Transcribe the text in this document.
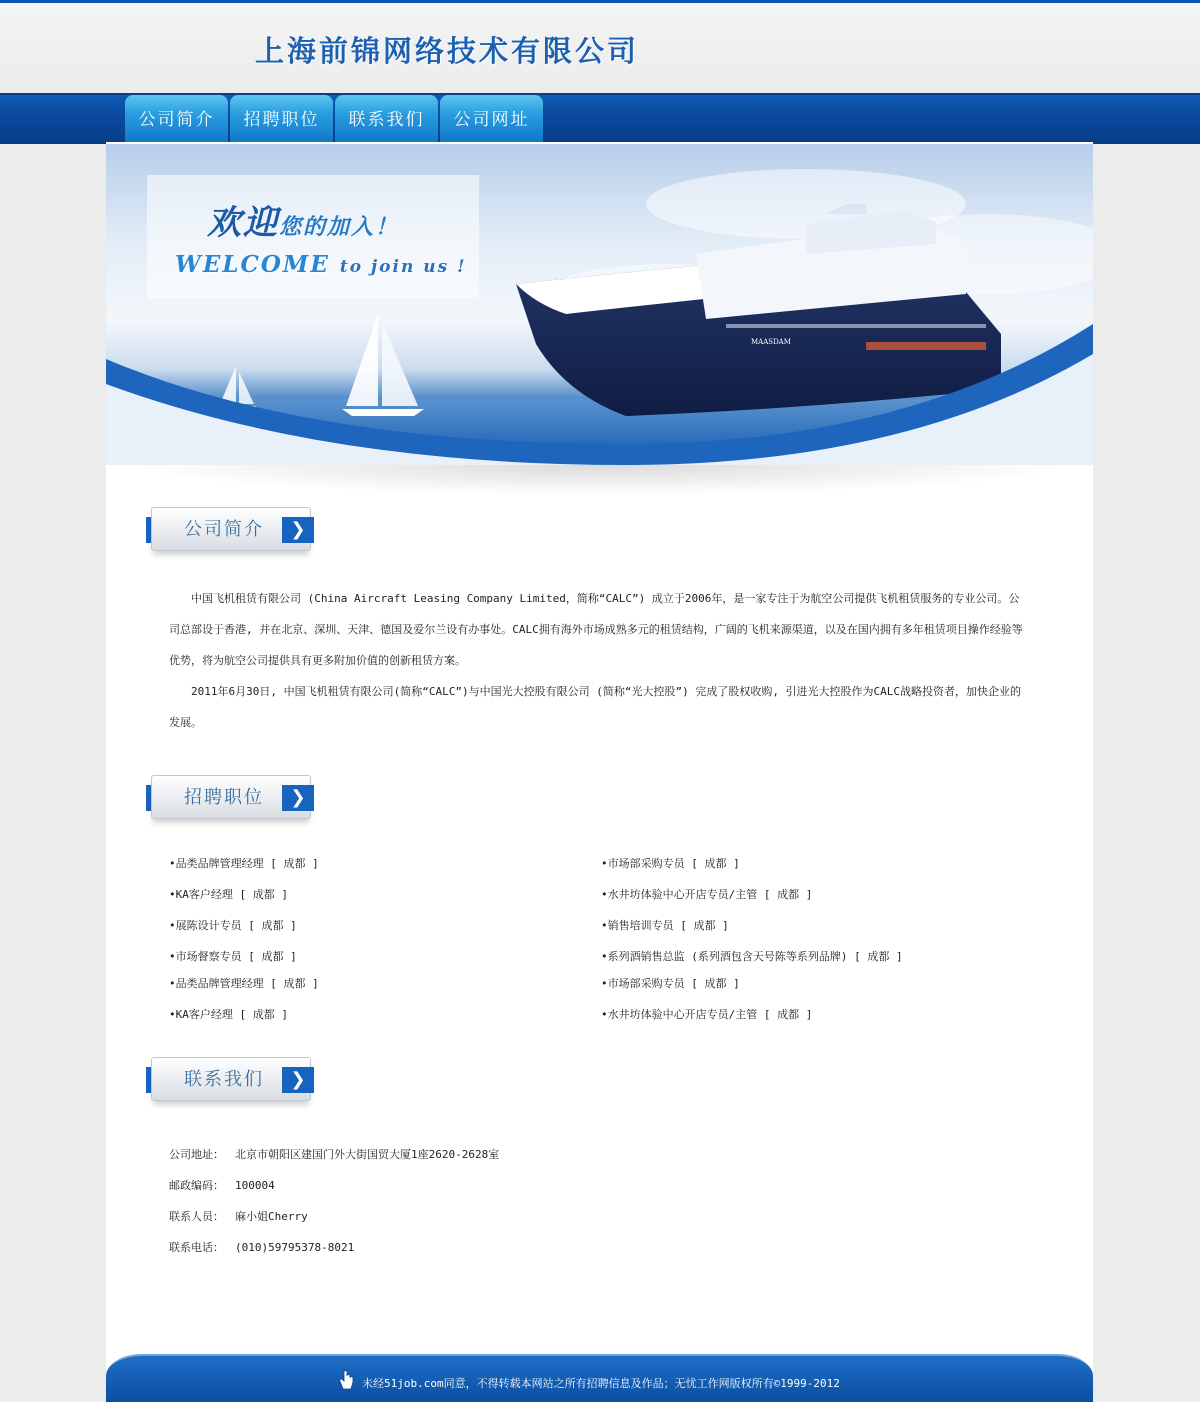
上海前锦网络技术有限公司
公司简介	招聘职位	联系我们	公司网址
MAASDAM
欢迎您的加入！
WELCOME to join us !
公司简介	❯

　　中国飞机租赁有限公司 (China Aircraft Leasing Company Limited，简称“CALC”) 成立于2006年，是一家专注于为航空公司提供飞机租赁服务的专业公司。公司总部设于香港, 并在北京、深圳、天津、德国及爱尔兰设有办事处。CALC拥有海外市场成熟多元的租赁结构，广阔的飞机来源渠道，以及在国内拥有多年租赁项目操作经验等优势，将为航空公司提供具有更多附加价值的创新租赁方案。

　　2011年6月30日, 中国飞机租赁有限公司(简称“CALC”)与中国光大控股有限公司 (简称“光大控股”) 完成了股权收购, 引进光大控股作为CALC战略投资者，加快企业的发展。

招聘职位	❯
•品类品牌管理经理 [ 成都 ]
•KA客户经理 [ 成都 ]
•展陈设计专员 [ 成都 ]
•市场督察专员 [ 成都 ]
•品类品牌管理经理 [ 成都 ]
•KA客户经理 [ 成都 ]
•市场部采购专员 [ 成都 ]
•水井坊体验中心开店专员/主管 [ 成都 ]
•销售培训专员 [ 成都 ]
•系列酒销售总监 (系列酒包含天号陈等系列品牌) [ 成都 ]
•市场部采购专员 [ 成都 ]
•水井坊体验中心开店专员/主管 [ 成都 ]
联系我们	❯
公司地址： 北京市朝阳区建国门外大街国贸大厦1座2620-2628室
邮政编码： 100004
联系人员： 麻小姐Cherry
联系电话： (010)59795378-8021
未经51job.com同意，不得转载本网站之所有招聘信息及作品；无忧工作网版权所有©1999-2012
